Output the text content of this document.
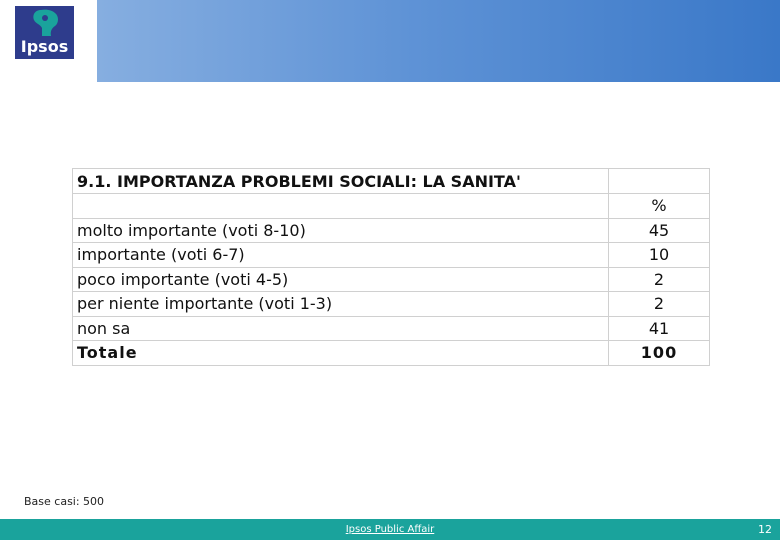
Ipsos
9.1. IMPORTANZA PROBLEMI SOCIALI: LA SANITA'	
	%
molto importante (voti 8-10)	45
importante (voti 6-7)	10
poco importante (voti 4-5)	2
per niente importante (voti 1-3)	2
non sa	41
Totale	100
Base casi: 500
Ipsos Public Affair	12
